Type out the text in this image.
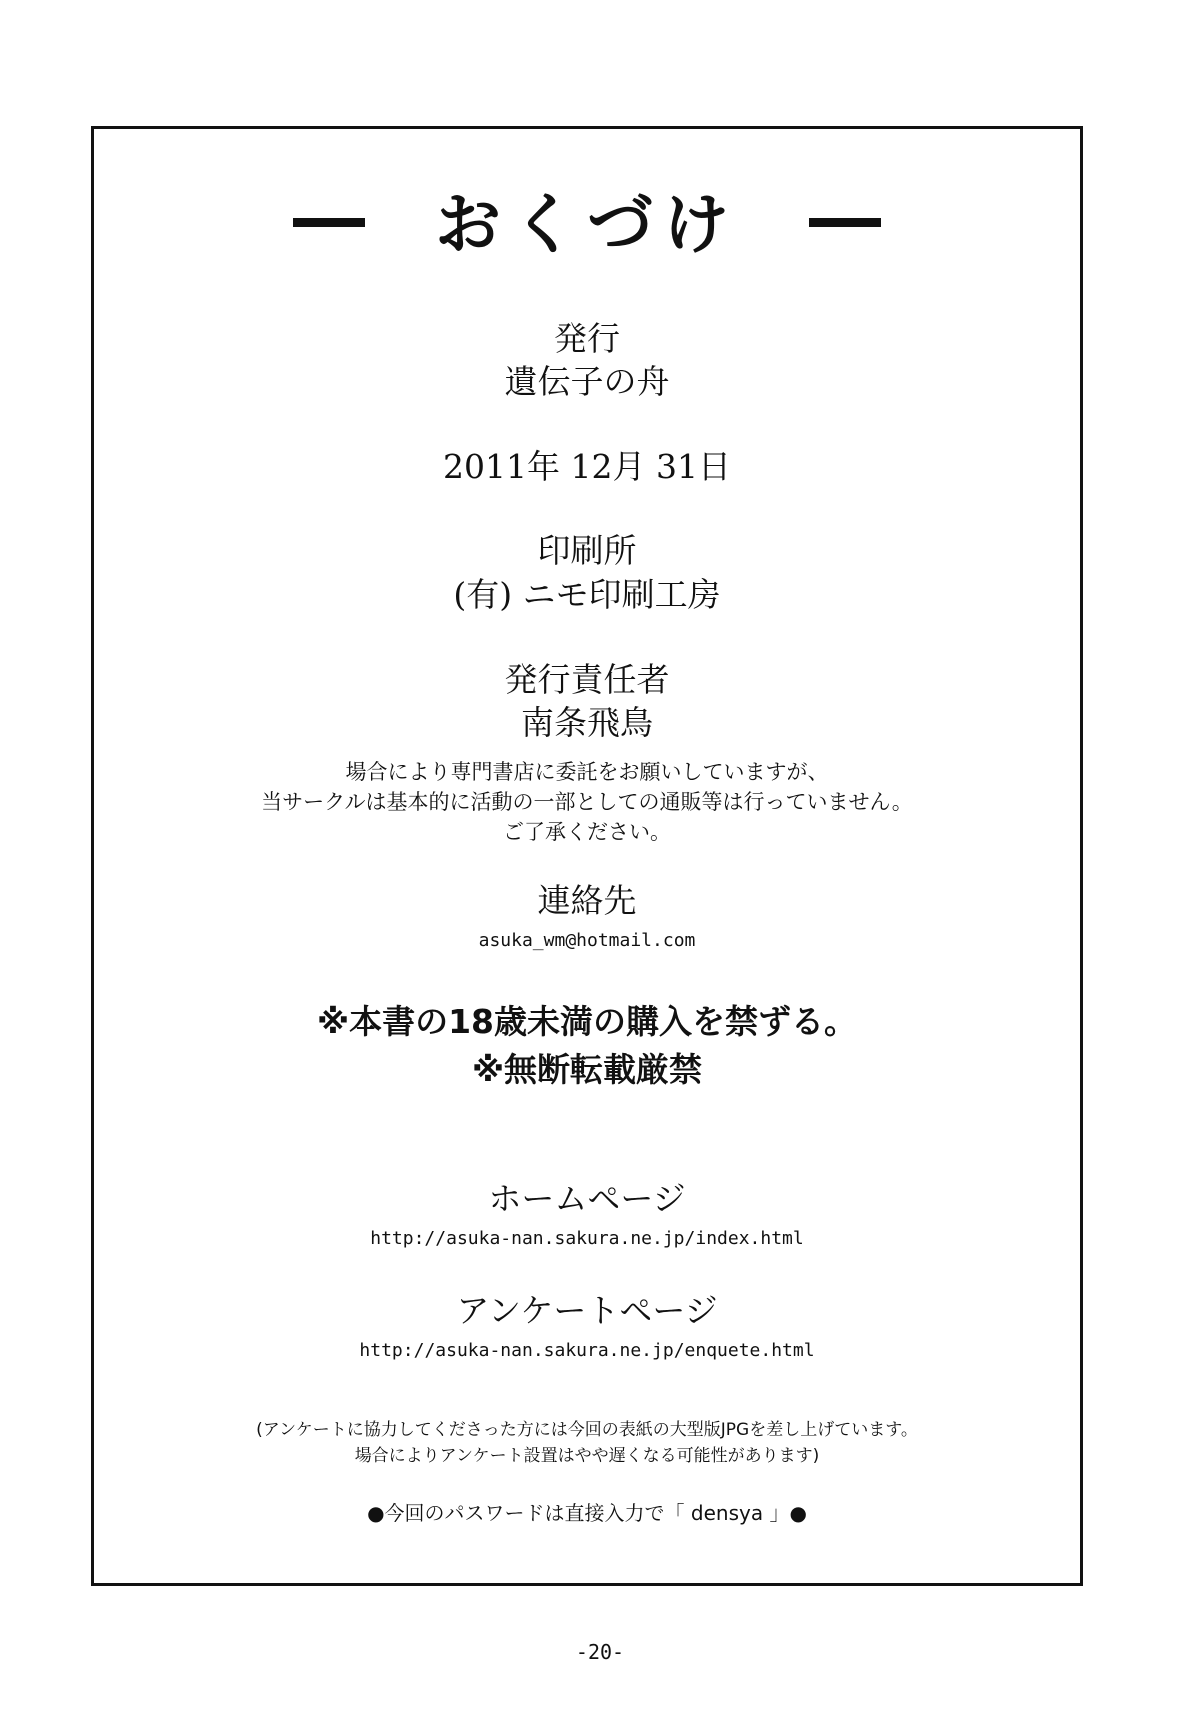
おくづけ
発行
遺伝子の舟
2011年 12月 31日
印刷所
(有) ニモ印刷工房
発行責任者
南条飛鳥
場合により専門書店に委託をお願いしていますが、
当サークルは基本的に活動の一部としての通販等は行っていません。
ご了承ください。
連絡先
asuka_wm@hotmail.com
※本書の18歳未満の購入を禁ずる。
※無断転載厳禁
ホームページ
http://asuka-nan.sakura.ne.jp/index.html
アンケートページ
http://asuka-nan.sakura.ne.jp/enquete.html
(アンケートに協力してくださった方には今回の表紙の大型版JPGを差し上げています。
場合によりアンケート設置はやや遅くなる可能性があります)
●今回のパスワードは直接入力で「 densya 」●
-20-
